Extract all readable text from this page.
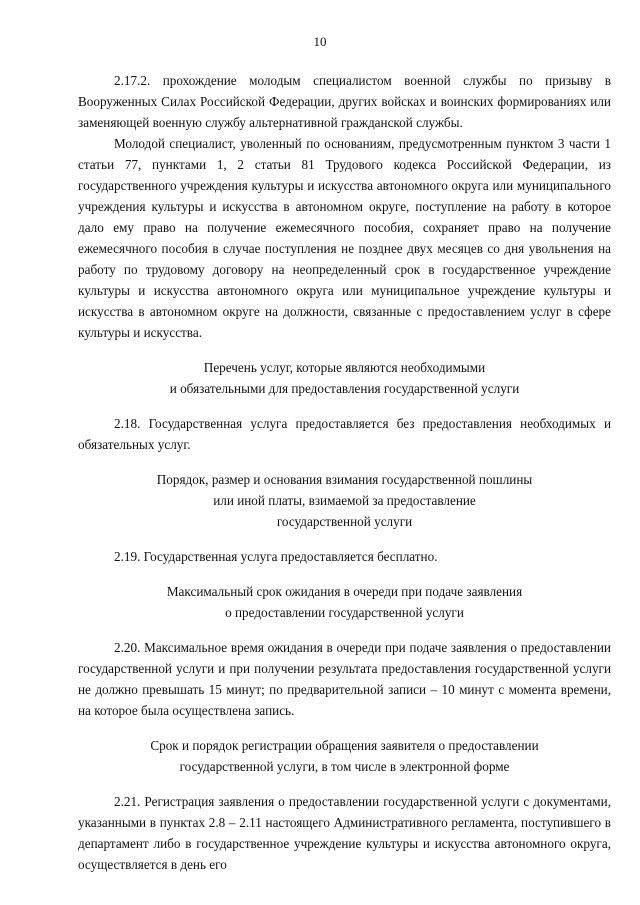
10

2.17.2. прохождение молодым специалистом военной службы по призыву в Вооруженных Силах Российской Федерации, других войсках и воинских формированиях или заменяющей военную службу альтернативной гражданской службы.

Молодой специалист, уволенный по основаниям, предусмотренным пунктом 3 части 1 статьи 77, пунктами 1, 2 статьи 81 Трудового кодекса Российской Федерации, из государственного учреждения культуры и искусства автономного округа или муниципального учреждения культуры и искусства в автономном округе, поступление на работу в которое дало ему право на получение ежемесячного пособия, сохраняет право на получение ежемесячного пособия в случае поступления не позднее двух месяцев со дня увольнения на работу по трудовому договору на неопределенный срок в государственное учреждение культуры и искусства автономного округа или муниципальное учреждение культуры и искусства в автономном округе на должности, связанные с предоставлением услуг в сфере культуры и искусства.

Перечень услуг, которые являются необходимыми
и обязательными для предоставления государственной услуги

2.18. Государственная услуга предоставляется без предоставления необходимых и обязательных услуг.

Порядок, размер и основания взимания государственной пошлины
или иной платы, взимаемой за предоставление
государственной услуги

2.19. Государственная услуга предоставляется бесплатно.

Максимальный срок ожидания в очереди при подаче заявления
о предоставлении государственной услуги

2.20. Максимальное время ожидания в очереди при подаче заявления о предоставлении государственной услуги и при получении результата предоставления государственной услуги не должно превышать 15 минут; по предварительной записи – 10 минут с момента времени, на которое была осуществлена запись.

Срок и порядок регистрации обращения заявителя о предоставлении
государственной услуги, в том числе в электронной форме

2.21. Регистрация заявления о предоставлении государственной услуги с документами, указанными в пунктах 2.8 – 2.11 настоящего Административного регламента, поступившего в департамент либо в государственное учреждение культуры и искусства автономного округа, осуществляется в день его
